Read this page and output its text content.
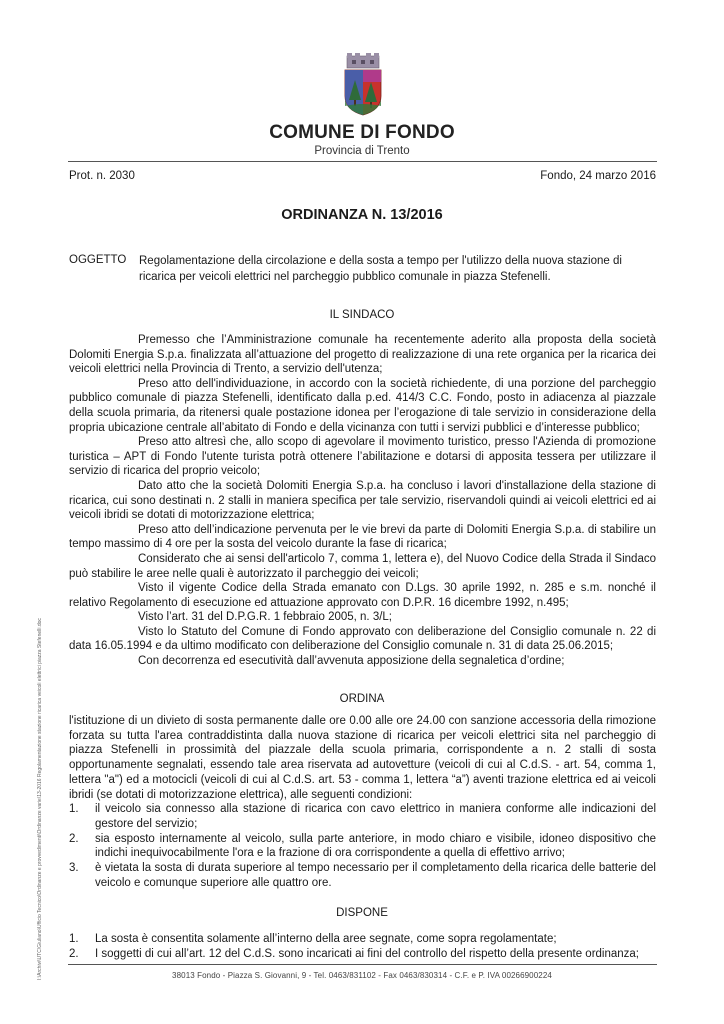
COMUNE DI FONDO
Provincia di Trento
Prot. n. 2030	Fondo, 24 marzo 2016
ORDINANZA N. 13/2016
OGGETTO Regolamentazione della circolazione e della sosta a tempo per l'utilizzo della nuova stazione di ricarica per veicoli elettrici nel parcheggio pubblico comunale in piazza Stefenelli.
IL SINDACO

Premesso che l’Amministrazione comunale ha recentemente aderito alla proposta della società Dolomiti Energia S.p.a. finalizzata all’attuazione del progetto di realizzazione di una rete organica per la ricarica dei veicoli elettrici nella Provincia di Trento, a servizio dell'utenza;

Preso atto dell'individuazione, in accordo con la società richiedente, di una porzione del parcheggio pubblico comunale di piazza Stefenelli, identificato dalla p.ed. 414/3 C.C. Fondo, posto in adiacenza al piazzale della scuola primaria, da ritenersi quale postazione idonea per l’erogazione di tale servizio in considerazione della propria ubicazione centrale all’abitato di Fondo e della vicinanza con tutti i servizi pubblici e d’interesse pubblico;

Preso atto altresì che, allo scopo di agevolare il movimento turistico, presso l'Azienda di promozione turistica – APT di Fondo l'utente turista potrà ottenere l’abilitazione e dotarsi di apposita tessera per utilizzare il servizio di ricarica del proprio veicolo;

Dato atto che la società Dolomiti Energia S.p.a. ha concluso i lavori d'installazione della stazione di ricarica, cui sono destinati n. 2 stalli in maniera specifica per tale servizio, riservandoli quindi ai veicoli elettrici ed ai veicoli ibridi se dotati di motorizzazione elettrica;

Preso atto dell’indicazione pervenuta per le vie brevi da parte di Dolomiti Energia S.p.a. di stabilire un tempo massimo di 4 ore per la sosta del veicolo durante la fase di ricarica;

Considerato che ai sensi dell'articolo 7, comma 1, lettera e), del Nuovo Codice della Strada il Sindaco può stabilire le aree nelle quali è autorizzato il parcheggio dei veicoli;

Visto il vigente Codice della Strada emanato con D.Lgs. 30 aprile 1992, n. 285 e s.m. nonché il relativo Regolamento di esecuzione ed attuazione approvato con D.P.R. 16 dicembre 1992, n.495;

Visto l’art. 31 del D.P.G.R. 1 febbraio 2005, n. 3/L;

Visto lo Statuto del Comune di Fondo approvato con deliberazione del Consiglio comunale n. 22 di data 16.05.1994 e da ultimo modificato con deliberazione del Consiglio comunale n. 31 di data 25.06.2015;

Con decorrenza ed esecutività dall’avvenuta apposizione della segnaletica d’ordine;

ORDINA

l'istituzione di un divieto di sosta permanente dalle ore 0.00 alle ore 24.00 con sanzione accessoria della rimozione forzata su tutta l'area contraddistinta dalla nuova stazione di ricarica per veicoli elettrici sita nel parcheggio di piazza Stefenelli in prossimità del piazzale della scuola primaria, corrispondente a n. 2 stalli di sosta opportunamente segnalati, essendo tale area riservata ad autovetture (veicoli di cui al C.d.S. - art. 54, comma 1, lettera "a") ed a motocicli (veicoli di cui al C.d.S. art. 53 - comma 1, lettera “a”) aventi trazione elettrica ed ai veicoli ibridi (se dotati di motorizzazione elettrica), alle seguenti condizioni:

1. il veicolo sia connesso alla stazione di ricarica con cavo elettrico in maniera conforme alle indicazioni del gestore del servizio;
2. sia esposto internamente al veicolo, sulla parte anteriore, in modo chiaro e visibile, idoneo dispositivo che indichi inequivocabilmente l'ora e la frazione di ora corrispondente a quella di effettivo arrivo;
3. è vietata la sosta di durata superiore al tempo necessario per il completamento della ricarica delle batterie del veicolo e comunque superiore alle quattro ore.
DISPONE
1. La sosta è consentita solamente all’interno della aree segnate, come sopra regolamentate;
2. I soggetti di cui all’art. 12 del C.d.S. sono incaricati ai fini del controllo del rispetto della presente ordinanza;
38013 Fondo - Piazza S. Giovanni, 9 - Tel. 0463/831102 - Fax 0463/830314 - C.F. e P. IVA 00266900224
I:\Archivi\UTC\Giuliano\Ufficio Tecnico\Ordinanze e provvedimenti\Ordinanze varie\13-2016 Regolamentazione stazione ricarica veicoli elettrici piazza Stefenelli.doc
